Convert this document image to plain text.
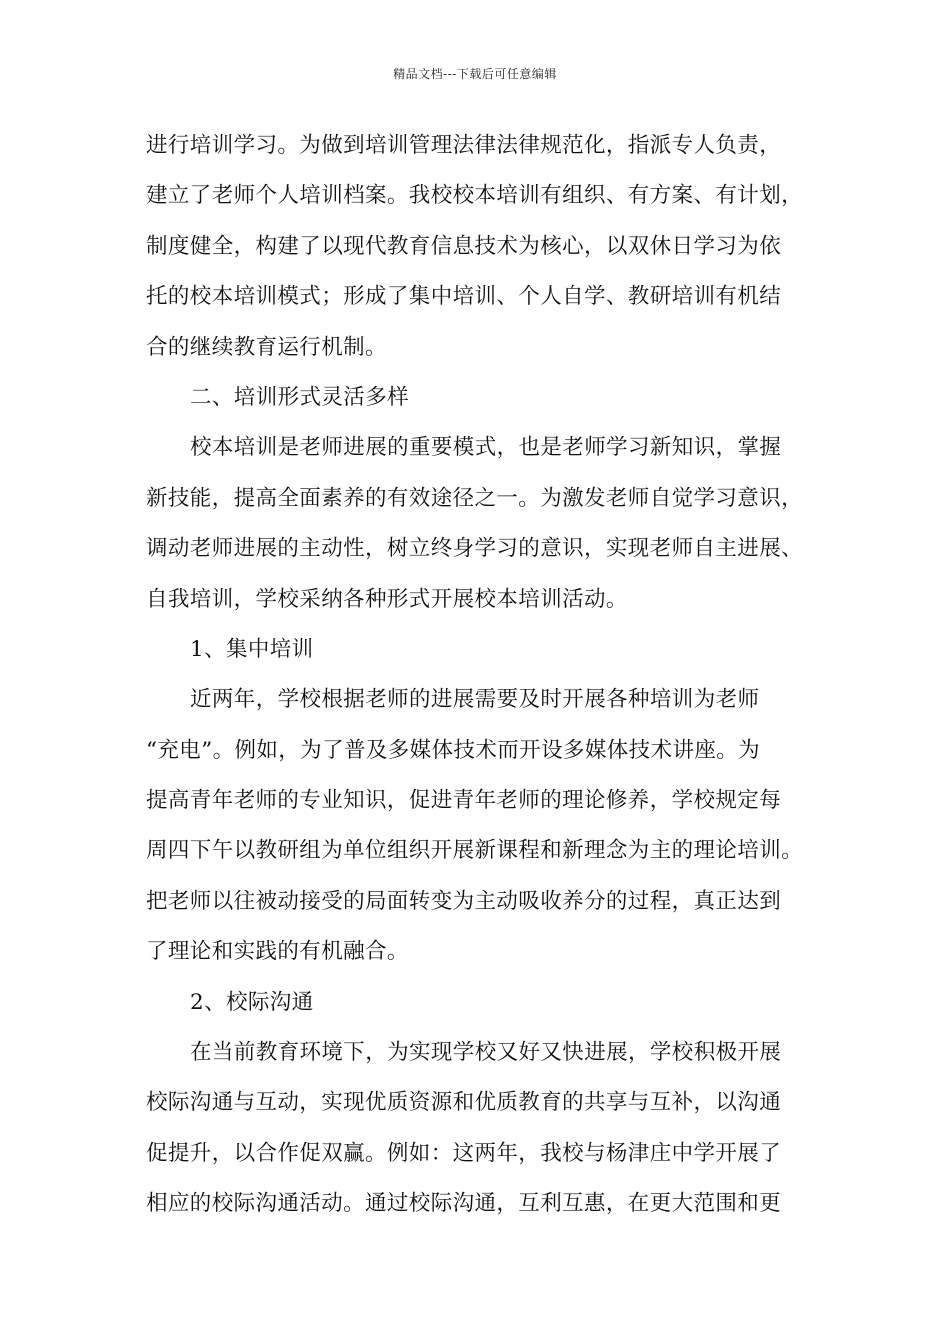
精品文档---下载后可任意编辑
进行培训学习。为做到培训管理法律法律规范化，指派专人负责，
建立了老师个人培训档案。我校校本培训有组织、有方案、有计划，
制度健全，构建了以现代教育信息技术为核心，以双休日学习为依
托的校本培训模式；形成了集中培训、个人自学、教研培训有机结
合的继续教育运行机制。
二、培训形式灵活多样
校本培训是老师进展的重要模式，也是老师学习新知识，掌握
新技能，提高全面素养的有效途径之一。为激发老师自觉学习意识，
调动老师进展的主动性，树立终身学习的意识，实现老师自主进展、
自我培训，学校采纳各种形式开展校本培训活动。
1、集中培训
近两年，学校根据老师的进展需要及时开展各种培训为老师
“充电”。例如，为了普及多媒体技术而开设多媒体技术讲座。为
提高青年老师的专业知识，促进青年老师的理论修养，学校规定每
周四下午以教研组为单位组织开展新课程和新理念为主的理论培训。
把老师以往被动接受的局面转变为主动吸收养分的过程，真正达到
了理论和实践的有机融合。
2、校际沟通
在当前教育环境下，为实现学校又好又快进展，学校积极开展
校际沟通与互动，实现优质资源和优质教育的共享与互补，以沟通
促提升，以合作促双赢。例如：这两年，我校与杨津庄中学开展了
相应的校际沟通活动。通过校际沟通，互利互惠，在更大范围和更
